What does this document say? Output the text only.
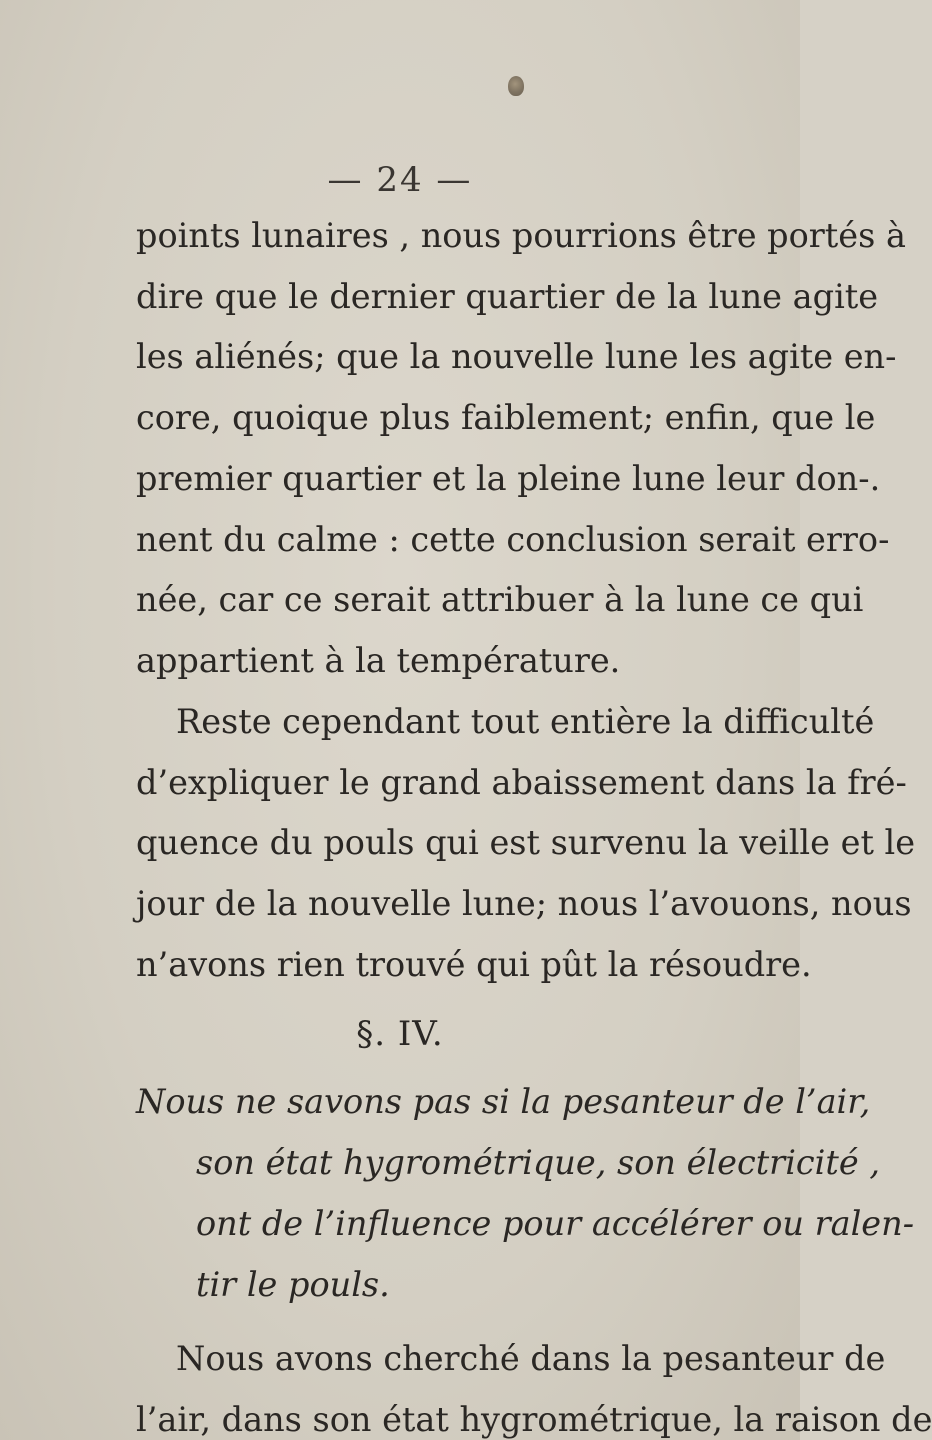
— 24 —
points lunaires , nous pourrions être portés à
dire que le dernier quartier de la lune agite
les aliénés; que la nouvelle lune les agite en-
core, quoique plus faiblement; enfin, que le
premier quartier et la pleine lune leur don-.
nent du calme : cette conclusion serait erro-
née, car ce serait attribuer à la lune ce qui
appartient à la température.
Reste cependant tout entière la difficulté
d’expliquer le grand abaissement dans la fré-
quence du pouls qui est survenu la veille et le
jour de la nouvelle lune; nous l’avouons, nous
n’avons rien trouvé qui pût la résoudre.
§. IV.
Nous ne savons pas si la pesanteur de l’air,
son état hygrométrique, son électricité ,
ont de l’influence pour accélérer ou ralen-
tir le pouls.
Nous avons cherché dans la pesanteur de
l’air, dans son état hygrométrique, la raison de
